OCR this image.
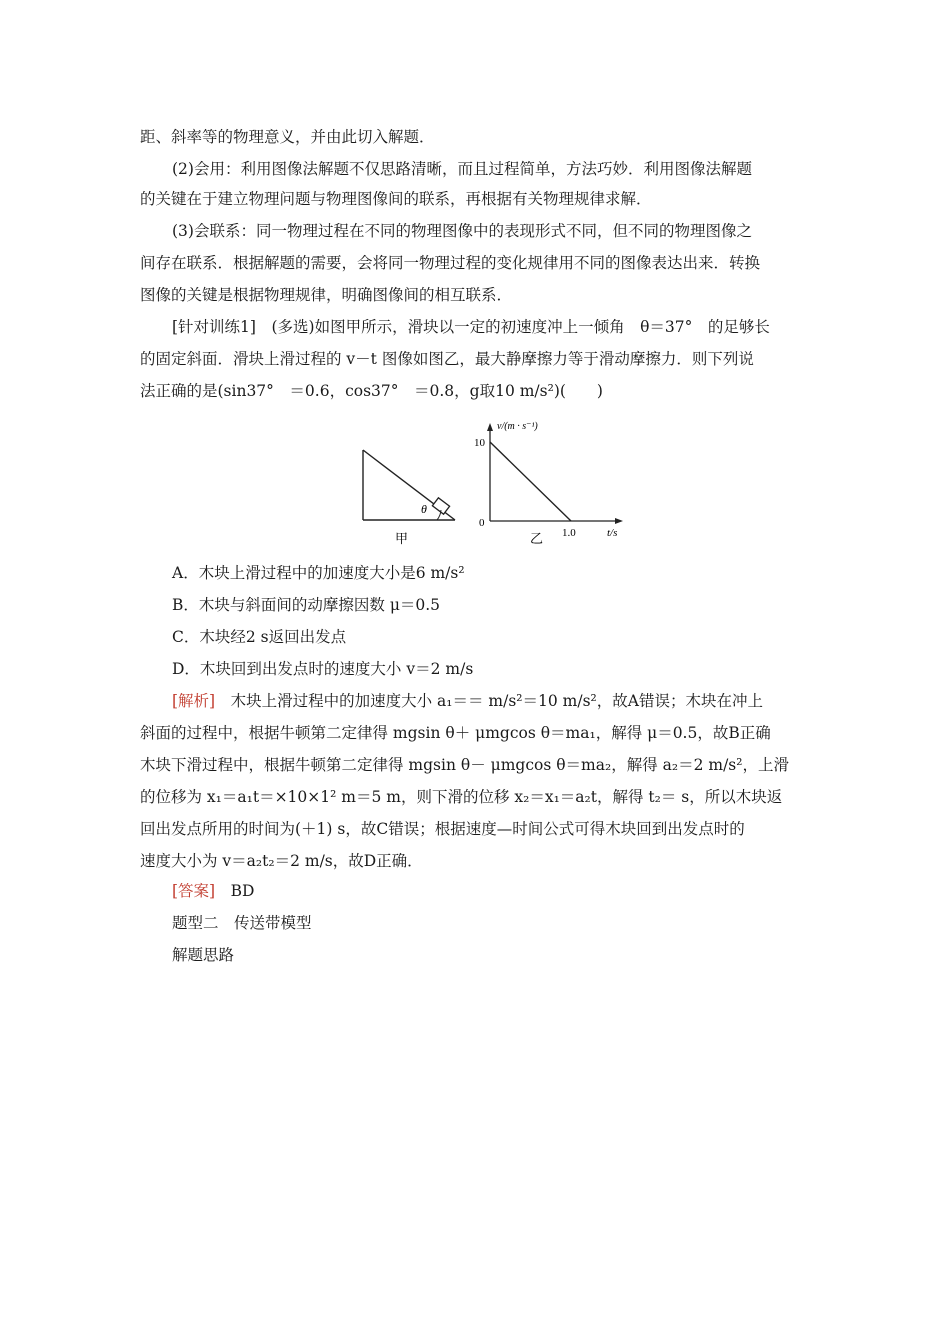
距、斜率等的物理意义，并由此切入解题．
(2)会用：利用图像法解题不仅思路清晰，而且过程简单，方法巧妙．利用图像法解题
的关键在于建立物理问题与物理图像间的联系，再根据有关物理规律求解．
(3)会联系：同一物理过程在不同的物理图像中的表现形式不同，但不同的物理图像之
间存在联系．根据解题的需要，会将同一物理过程的变化规律用不同的图像表达出来．转换
图像的关键是根据物理规律，明确图像间的相互联系．
[针对训练1]　(多选)如图甲所示，滑块以一定的初速度冲上一倾角　θ＝37°　的足够长
的固定斜面．滑块上滑过程的 v－t 图像如图乙，最大静摩擦力等于滑动摩擦力．则下列说
法正确的是(sin37°　＝0.6，cos37°　＝0.8，g取10 m/s²)(　　)
θ
甲
v/(m · s⁻¹)
10
0
1.0	t/s
乙
A．木块上滑过程中的加速度大小是6 m/s²
B．木块与斜面间的动摩擦因数 μ＝0.5
C．木块经2 s返回出发点
D．木块回到出发点时的速度大小 v＝2 m/s
[解析]　木块上滑过程中的加速度大小 a₁＝＝ m/s²＝10 m/s²，故A错误；木块在冲上
斜面的过程中，根据牛顿第二定律得 mgsin θ＋ μmgcos θ＝ma₁，解得 μ＝0.5，故B正确
木块下滑过程中，根据牛顿第二定律得 mgsin θ－ μmgcos θ＝ma₂，解得 a₂＝2 m/s²，上滑
的位移为 x₁＝a₁t＝×10×1² m＝5 m，则下滑的位移 x₂＝x₁＝a₂t，解得 t₂＝ s，所以木块返
回出发点所用的时间为(＋1) s，故C错误；根据速度—时间公式可得木块回到出发点时的
速度大小为 v＝a₂t₂＝2 m/s，故D正确．
[答案]　BD
题型二　传送带模型
解题思路
